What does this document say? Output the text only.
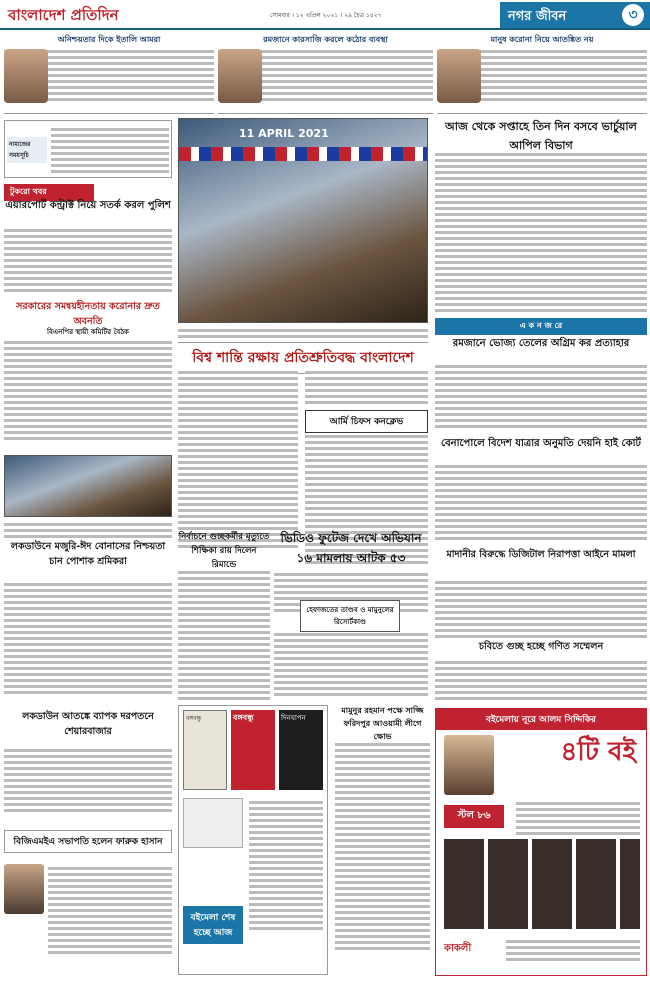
বাংলাদেশ প্রতিদিন	সোমবার । ১২ এপ্রিল ২০২১ । ২৯ চৈত্র ১৪২৭	নগর জীবন	৩
অনিশ্চয়তার দিকে ইতালি আমরা	রমজানে কারসাজি করলে কঠোর ব্যবস্থা	মানুষ করোনা নিয়ে আতঙ্কিত নয়
নামাজের সময়সূচি
টুকরো খবর
এয়ারপোর্ট কন্ট্রাক্ট নিয়ে সতর্ক করল পুলিশ
সরকারের সমন্বয়হীনতায় করোনার দ্রুত অবনতি
বিএনপির স্থায়ী কমিটির বৈঠক
লকডাউনে মজুরি-ঈদ বোনাসের নিশ্চয়তা চান পোশাক শ্রমিকরা
লকডাউন আতঙ্কে ব্যাপক দরপতনে শেয়ারবাজার
বিজিএমইএ সভাপতি হলেন ফারুক হাসান
11 APRIL 2021
বিশ্ব শান্তি রক্ষায় প্রতিশ্রুতিবদ্ধ বাংলাদেশ
আর্মি চিফস কনক্লেভ
নির্বাচনে গুচ্ছকর্মীর মৃত্যুতে শিক্ষিকা রায় দিলেন রিমান্ডে
ভিডিও ফুটেজ দেখে অভিযান ১৬ মামলায় আটক ৫৩
হেফাজতের তাণ্ডব ও মামুনুলের রিসোর্টকাণ্ড
বঙ্গবন্ধু	বঙ্গবন্ধু	দিনযাপন
বইমেলা শেষ হচ্ছে আজ
আজ থেকে সপ্তাহে তিন দিন বসবে ভার্চুয়াল আপিল বিভাগ
এ ক ন জ রে
রমজানে ভোজ্য তেলের অগ্রিম কর প্রত্যাহার
বেনাপোলে বিদেশ যাত্রার অনুমতি দেয়নি হাই কোর্ট
মাদানীর বিরুদ্ধে ডিজিটাল নিরাপত্তা আইনে মামলা
চবিতে গুচ্ছ হচ্ছে গণিত সম্মেলন
মামুনুর রহমান পক্ষে সাজ্জি ফরিদপুর আওয়ামী লীগে ক্ষোভ
বইমেলায় নূরে আলম সিদ্দিকির
৪টি বই
স্টল ৮৬
কাকলী
